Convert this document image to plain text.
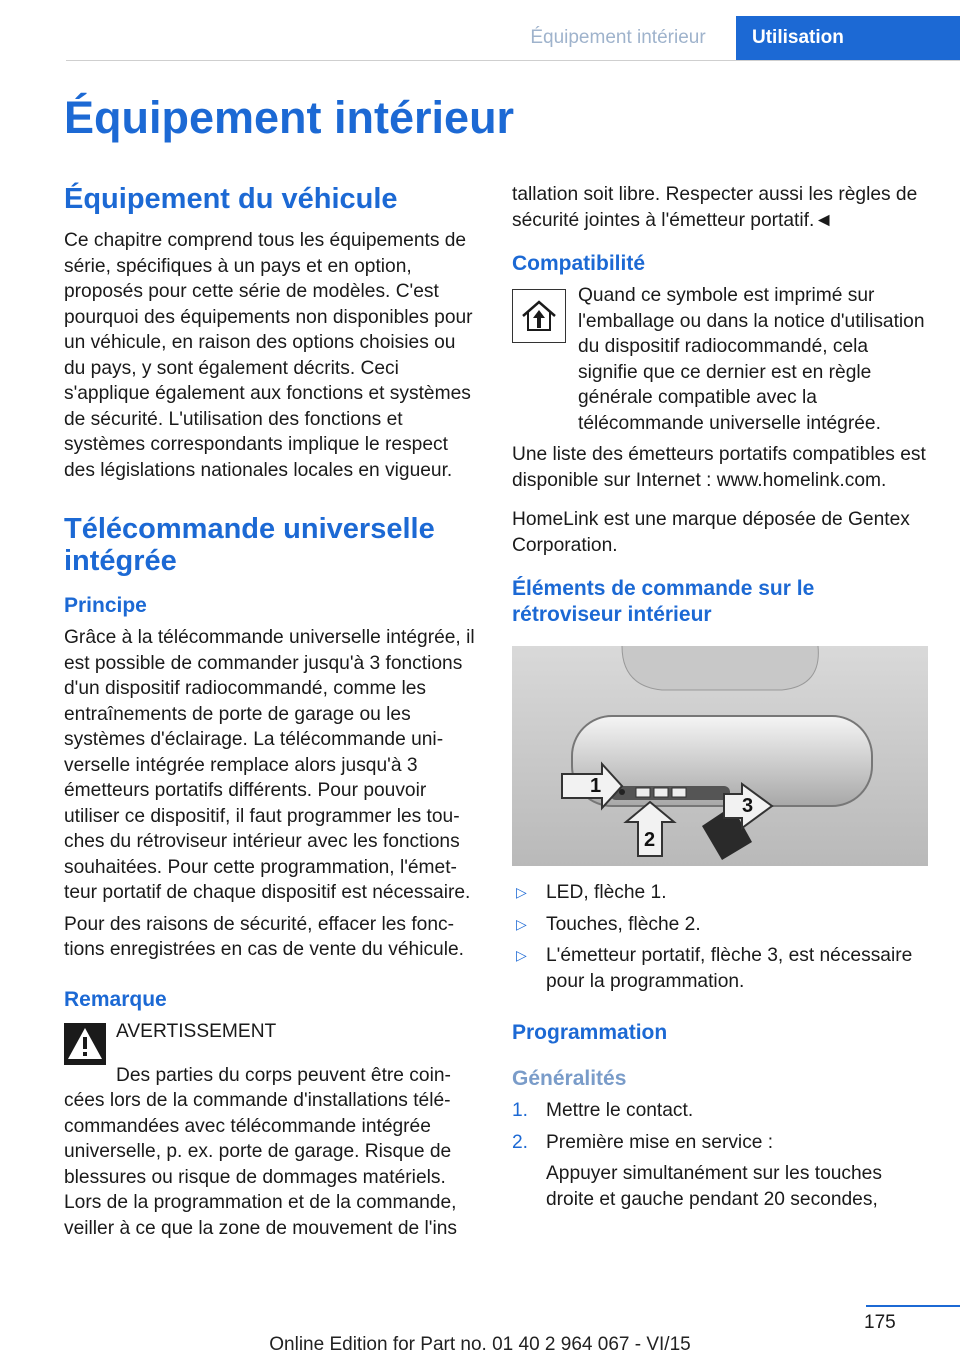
Équipement intérieur	Utilisation
Équipement intérieur
Équipement du véhicule

Ce chapitre comprend tous les équipements de série, spécifiques à un pays et en option, proposés pour cette série de modèles. C'est pourquoi des équipements non disponibles pour un véhicule, en raison des options choisies ou du pays, y sont également décrits. Ceci s'applique également aux fonctions et systèmes de sécurité. L'utilisation des fonctions et systèmes correspondants implique le respect des législations nationales locales en vigueur.

Télécommande universelle intégrée
Principe

Grâce à la télécommande universelle intégrée, il est possible de commander jusqu'à 3 fonctions d'un dispositif radiocommandé, comme les entraînements de porte de garage ou les systèmes d'éclairage. La télécommande universelle intégrée remplace alors jusqu'à 3 émetteurs portatifs différents. Pour pouvoir utiliser ce dispositif, il faut programmer les touches du rétroviseur intérieur avec les fonctions souhaitées. Pour cette programmation, l'émetteur portatif de chaque dispositif est nécessaire.

Pour des raisons de sécurité, effacer les fonctions enregistrées en cas de vente du véhicule.

Remarque

AVERTISSEMENT

Des parties du corps peuvent être coincées lors de la commande d'installations télécommandées avec télécommande intégrée universelle, p. ex. porte de garage. Risque de blessures ou risque de dommages matériels. Lors de la programmation et de la commande, veiller à ce que la zone de mouvement de l'ins

tallation soit libre. Respecter aussi les règles de sécurité jointes à l'émetteur portatif.◄

Compatibilité

Quand ce symbole est imprimé sur l'emballage ou dans la notice d'utilisation du dispositif radiocommandé, cela signifie que ce dernier est en règle générale compatible avec la télécommande universelle intégrée.

Une liste des émetteurs portatifs compatibles est disponible sur Internet : www.homelink.com.

HomeLink est une marque déposée de Gentex Corporation.

Éléments de commande sur le rétroviseur intérieur
1
2
3
▷ LED, flèche 1.
▷ Touches, flèche 2.
▷ L'émetteur portatif, flèche 3, est nécessaire pour la programmation.
Programmation
Généralités
1. Mettre le contact.
2. Première mise en service :
Appuyer simultanément sur les touches droite et gauche pendant 20 secondes,
175
Online Edition for Part no. 01 40 2 964 067 - VI/15
